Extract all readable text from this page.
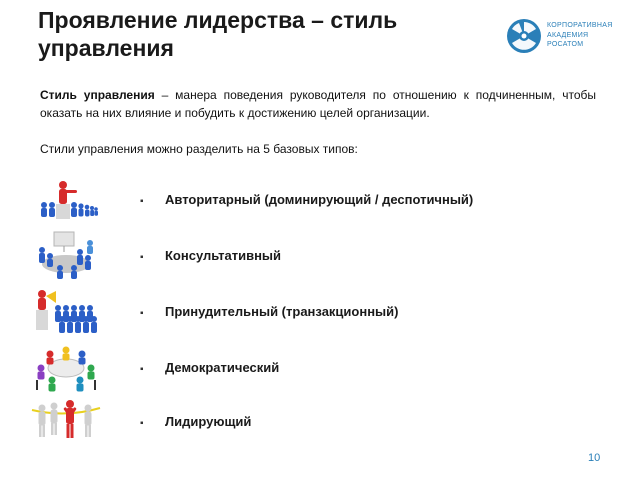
Проявление лидерства – стиль управления
КОРПОРАТИВНАЯ
АКАДЕМИЯ
РОСАТОМ

Стиль управления – манера поведения руководителя по отношению к подчиненным, чтобы оказать на них влияние и побудить к достижению целей организации.

Стили управления можно разделить на 5 базовых типов:

▪ Авторитарный (доминирующий / деспотичный)
▪ Консультативный
▪ Принудительный (транзакционный)
▪ Демократический
▪ Лидирующий
10
